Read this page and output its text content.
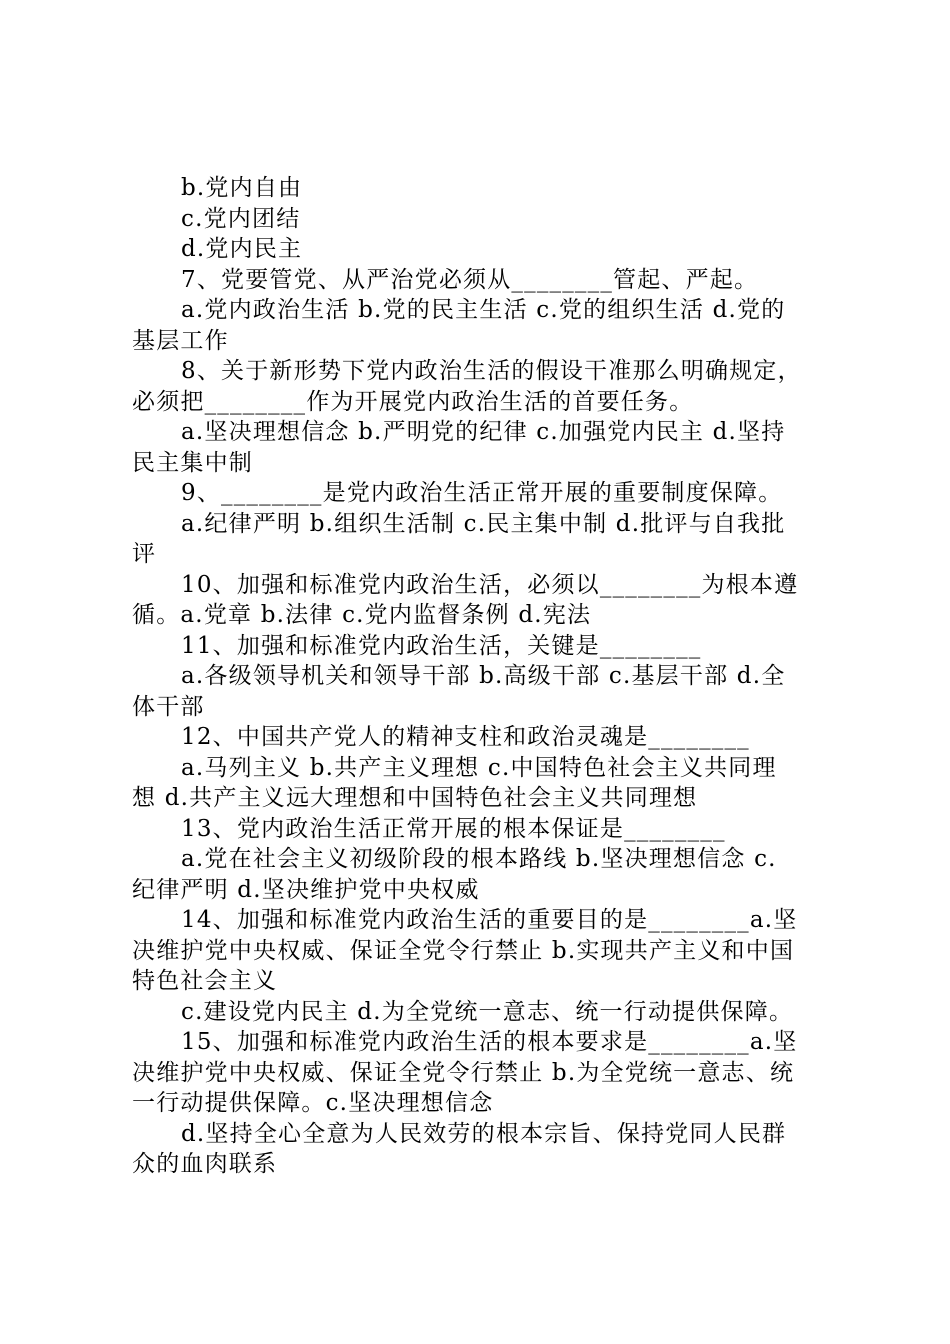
b.党内自由

c.党内团结

d.党内民主

7、党要管党、从严治党必须从________管起、严起。

a.党内政治生活 b.党的民主生活 c.党的组织生活 d.党的

基层工作

8、关于新形势下党内政治生活的假设干准那么明确规定，

必须把________作为开展党内政治生活的首要任务。

a.坚决理想信念 b.严明党的纪律 c.加强党内民主 d.坚持

民主集中制

9、________是党内政治生活正常开展的重要制度保障。

a.纪律严明 b.组织生活制 c.民主集中制 d.批评与自我批

评

10、加强和标准党内政治生活，必须以________为根本遵

循。a.党章 b.法律 c.党内监督条例 d.宪法

11、加强和标准党内政治生活，关键是________

a.各级领导机关和领导干部 b.高级干部 c.基层干部 d.全

体干部

12、中国共产党人的精神支柱和政治灵魂是________

a.马列主义 b.共产主义理想 c.中国特色社会主义共同理

想 d.共产主义远大理想和中国特色社会主义共同理想

13、党内政治生活正常开展的根本保证是________

a.党在社会主义初级阶段的根本路线 b.坚决理想信念 c.

纪律严明 d.坚决维护党中央权威

14、加强和标准党内政治生活的重要目的是________a.坚

决维护党中央权威、保证全党令行禁止 b.实现共产主义和中国

特色社会主义

c.建设党内民主 d.为全党统一意志、统一行动提供保障。

15、加强和标准党内政治生活的根本要求是________a.坚

决维护党中央权威、保证全党令行禁止 b.为全党统一意志、统

一行动提供保障。c.坚决理想信念

d.坚持全心全意为人民效劳的根本宗旨、保持党同人民群

众的血肉联系
